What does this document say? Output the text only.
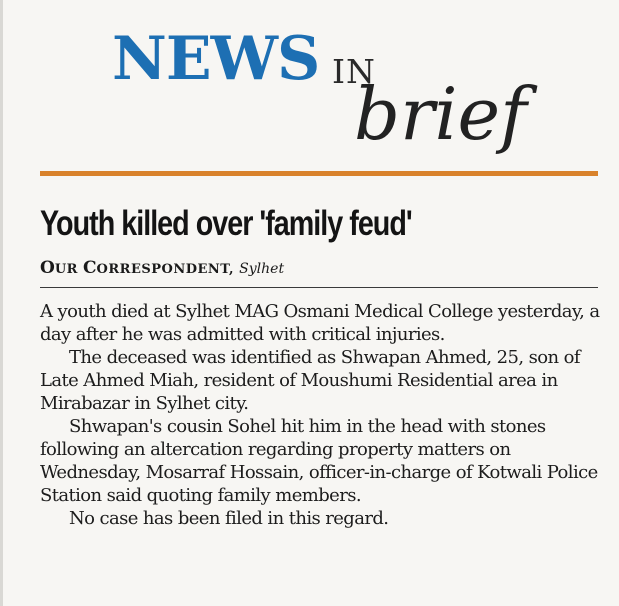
NEWS IN
brief
Youth killed over 'family feud'
OUR CORRESPONDENT, Sylhet

A youth died at Sylhet MAG Osmani Medical College yesterday, a day after he was admitted with critical injuries.

The deceased was identified as Shwapan Ahmed, 25, son of Late Ahmed Miah, resident of Moushumi Residential area in Mirabazar in Sylhet city.

Shwapan's cousin Sohel hit him in the head with stones following an altercation regarding property matters on Wednesday, Mosarraf Hossain, officer-in-charge of Kotwali Police Station said quoting family members.

No case has been filed in this regard.
